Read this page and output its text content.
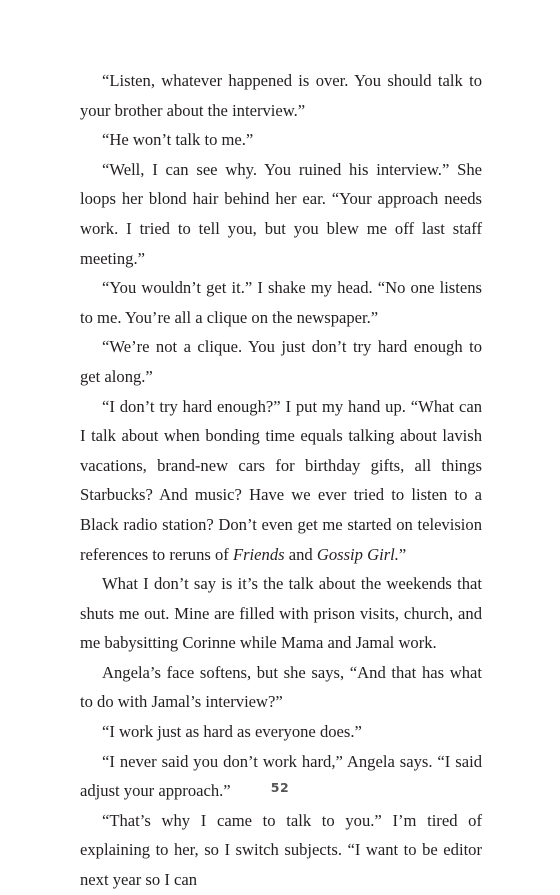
“Listen, whatever happened is over. You should talk to your brother about the interview.”

“He won’t talk to me.”

“Well, I can see why. You ruined his interview.” She loops her blond hair behind her ear. “Your approach needs work. I tried to tell you, but you blew me off last staff meeting.”

“You wouldn’t get it.” I shake my head. “No one listens to me. You’re all a clique on the newspaper.”

“We’re not a clique. You just don’t try hard enough to get along.”

“I don’t try hard enough?” I put my hand up. “What can I talk about when bonding time equals talking about lavish vacations, brand-new cars for birthday gifts, all things Starbucks? And music? Have we ever tried to listen to a Black radio station? Don’t even get me started on television references to reruns of Friends and Gossip Girl.”

What I don’t say is it’s the talk about the weekends that shuts me out. Mine are filled with prison visits, church, and me babysitting Corinne while Mama and Jamal work.

Angela’s face softens, but she says, “And that has what to do with Jamal’s interview?”

“I work just as hard as everyone does.”

“I never said you don’t work hard,” Angela says. “I said adjust your approach.”

“That’s why I came to talk to you.” I’m tired of explaining to her, so I switch subjects. “I want to be editor next year so I can

52
